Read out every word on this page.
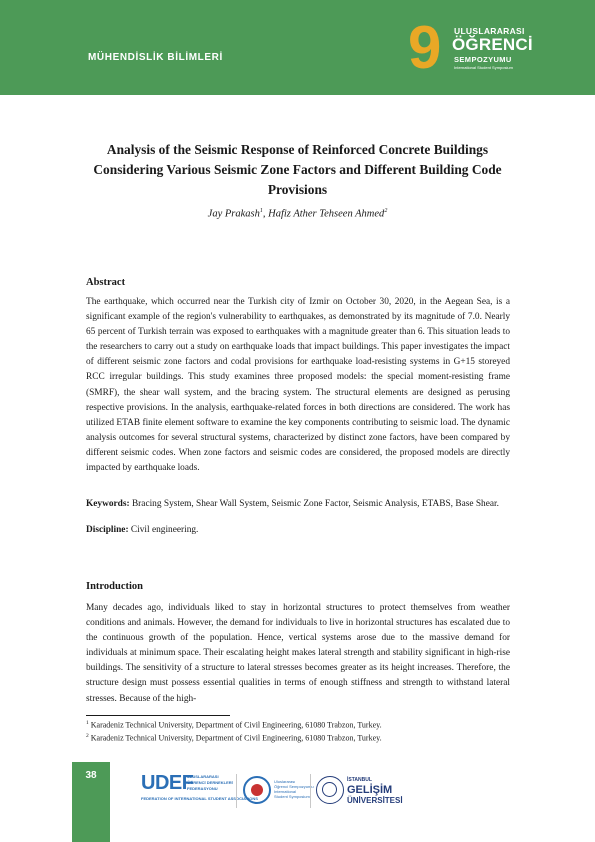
MÜHENDİSLİK BİLİMLERİ	9 ULUSLARARASI
ÖĞRENCİ
SEMPOZYUMU
International Student Symposium
Analysis of the Seismic Response of Reinforced Concrete Buildings Considering Various Seismic Zone Factors and Different Building Code Provisions
Jay Prakash$^1$, Hafiz Ather Tehseen Ahmed$^2$
Abstract

The earthquake, which occurred near the Turkish city of Izmir on October 30, 2020, in the Aegean Sea, is a significant example of the region's vulnerability to earthquakes, as demonstrated by its magnitude of 7.0. Nearly 65 percent of Turkish terrain was exposed to earthquakes with a magnitude greater than 6. This situation leads to the researchers to carry out a study on earthquake loads that impact buildings. This paper investigates the impact of different seismic zone factors and codal provisions for earthquake load-resisting systems in G+15 storeyed RCC irregular buildings. This study examines three proposed models: the special moment-resisting frame (SMRF), the shear wall system, and the bracing system. The structural elements are designed as perusing respective provisions. In the analysis, earthquake-related forces in both directions are considered. The work has utilized ETAB finite element software to examine the key components contributing to seismic load. The dynamic analysis outcomes for several structural systems, characterized by distinct zone factors, have been compared by different seismic codes. When zone factors and seismic codes are considered, the proposed models are directly impacted by earthquake loads.

Keywords: Bracing System, Shear Wall System, Seismic Zone Factor, Seismic Analysis, ETABS, Base Shear.
Discipline: Civil engineering.
Introduction

Many decades ago, individuals liked to stay in horizontal structures to protect themselves from weather conditions and animals. However, the demand for individuals to live in horizontal structures has escalated due to the continuous growth of the population. Hence, vertical systems arose due to the massive demand for individuals at minimum space. Their escalating height makes lateral strength and stability significant in high-rise buildings. The sensitivity of a structure to lateral stresses becomes greater as its height increases. Therefore, the structure design must possess essential qualities in terms of enough stiffness and strength to withstand lateral stresses. Because of the high-

$^1$ Karadeniz Technical University, Department of Civil Engineering, 61080 Trabzon, Turkey.
$^2$ Karadeniz Technical University, Department of Civil Engineering, 61080 Trabzon, Turkey.
38	UDEF
ULUSLARARASI
ÖĞRENCİ DERNEKLERİ
FEDERASYONU
FEDERATION OF INTERNATIONAL STUDENT ASSOCIATIONS
Uluslararası
Öğrenci Sempozyumu
International
Student Symposium
İSTANBUL
GELİŞİM
ÜNİVERSİTESİ
